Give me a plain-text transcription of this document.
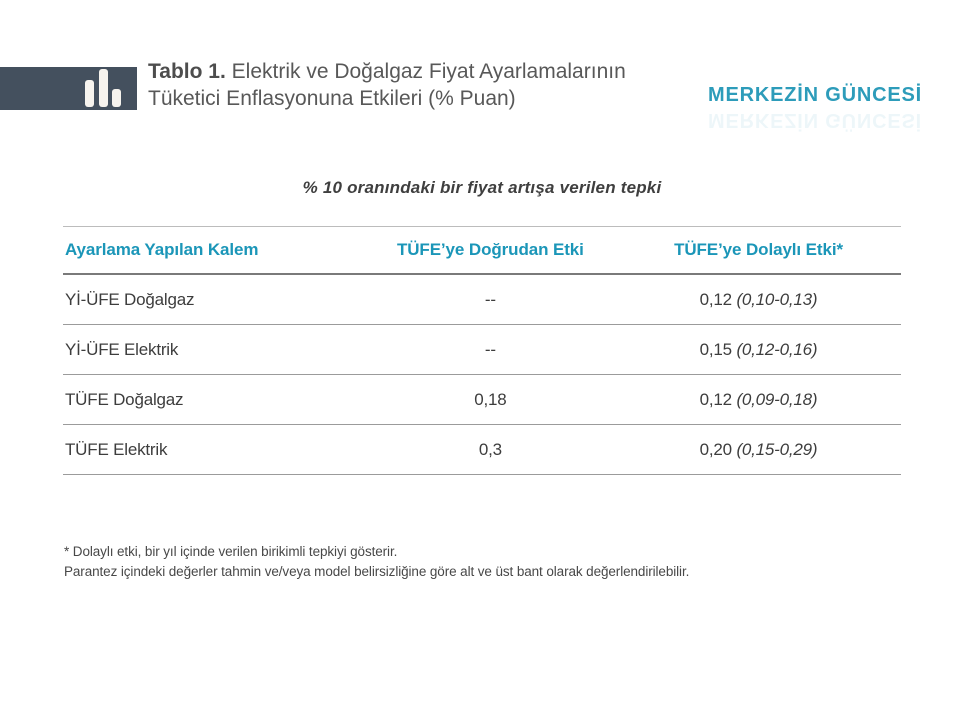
Tablo 1. Elektrik ve Doğalgaz Fiyat Ayarlamalarının
Tüketici Enflasyonuna Etkileri (% Puan)	MERKEZİN GÜNCESİ
MERKEZİN GÜNCESİ
% 10 oranındaki bir fiyat artışa verilen tepki
Ayarlama Yapılan Kalem	TÜFE’ye Doğrudan Etki	TÜFE’ye Dolaylı Etki*
Yİ-ÜFE Doğalgaz	--	0,12 (0,10-0,13)
Yİ-ÜFE Elektrik	--	0,15 (0,12-0,16)
TÜFE Doğalgaz	0,18	0,12 (0,09-0,18)
TÜFE Elektrik	0,3	0,20 (0,15-0,29)
* Dolaylı etki, bir yıl içinde verilen birikimli tepkiyi gösterir.
Parantez içindeki değerler tahmin ve/veya model belirsizliğine göre alt ve üst bant olarak değerlendirilebilir.
